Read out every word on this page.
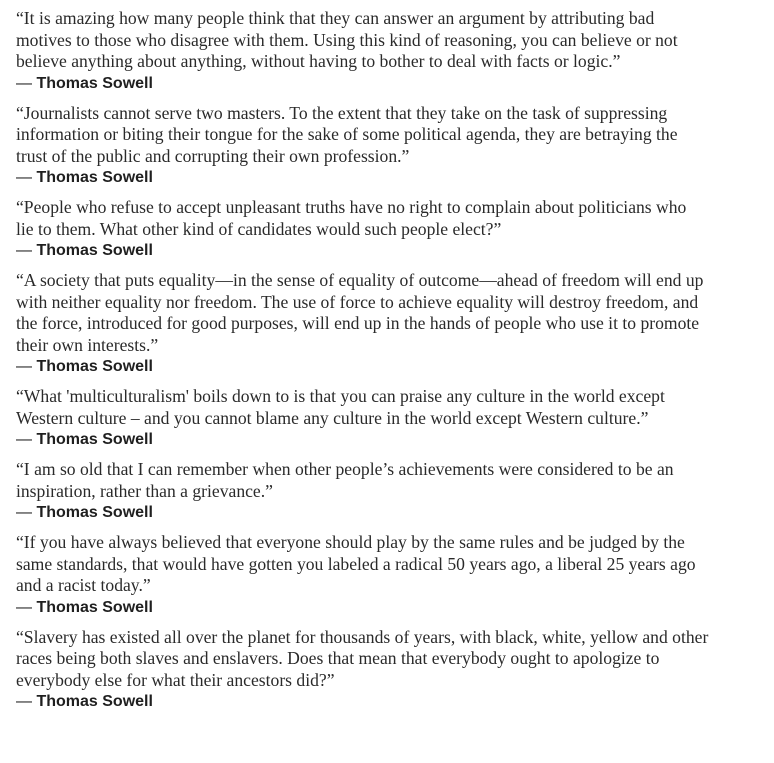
“It is amazing how many people think that they can answer an argument by attributing bad
motives to those who disagree with them. Using this kind of reasoning, you can believe or not
believe anything about anything, without having to bother to deal with facts or logic.”

― Thomas Sowell

“Journalists cannot serve two masters. To the extent that they take on the task of suppressing
information or biting their tongue for the sake of some political agenda, they are betraying the
trust of the public and corrupting their own profession.”

― Thomas Sowell

“People who refuse to accept unpleasant truths have no right to complain about politicians who
lie to them. What other kind of candidates would such people elect?”

― Thomas Sowell

“A society that puts equality—in the sense of equality of outcome—ahead of freedom will end up
with neither equality nor freedom. The use of force to achieve equality will destroy freedom, and
the force, introduced for good purposes, will end up in the hands of people who use it to promote
their own interests.”

― Thomas Sowell

“What 'multiculturalism' boils down to is that you can praise any culture in the world except
Western culture – and you cannot blame any culture in the world except Western culture.”

― Thomas Sowell

“I am so old that I can remember when other people’s achievements were considered to be an
inspiration, rather than a grievance.”

― Thomas Sowell

“If you have always believed that everyone should play by the same rules and be judged by the
same standards, that would have gotten you labeled a radical 50 years ago, a liberal 25 years ago
and a racist today.”

― Thomas Sowell

“Slavery has existed all over the planet for thousands of years, with black, white, yellow and other
races being both slaves and enslavers. Does that mean that everybody ought to apologize to
everybody else for what their ancestors did?”

― Thomas Sowell
